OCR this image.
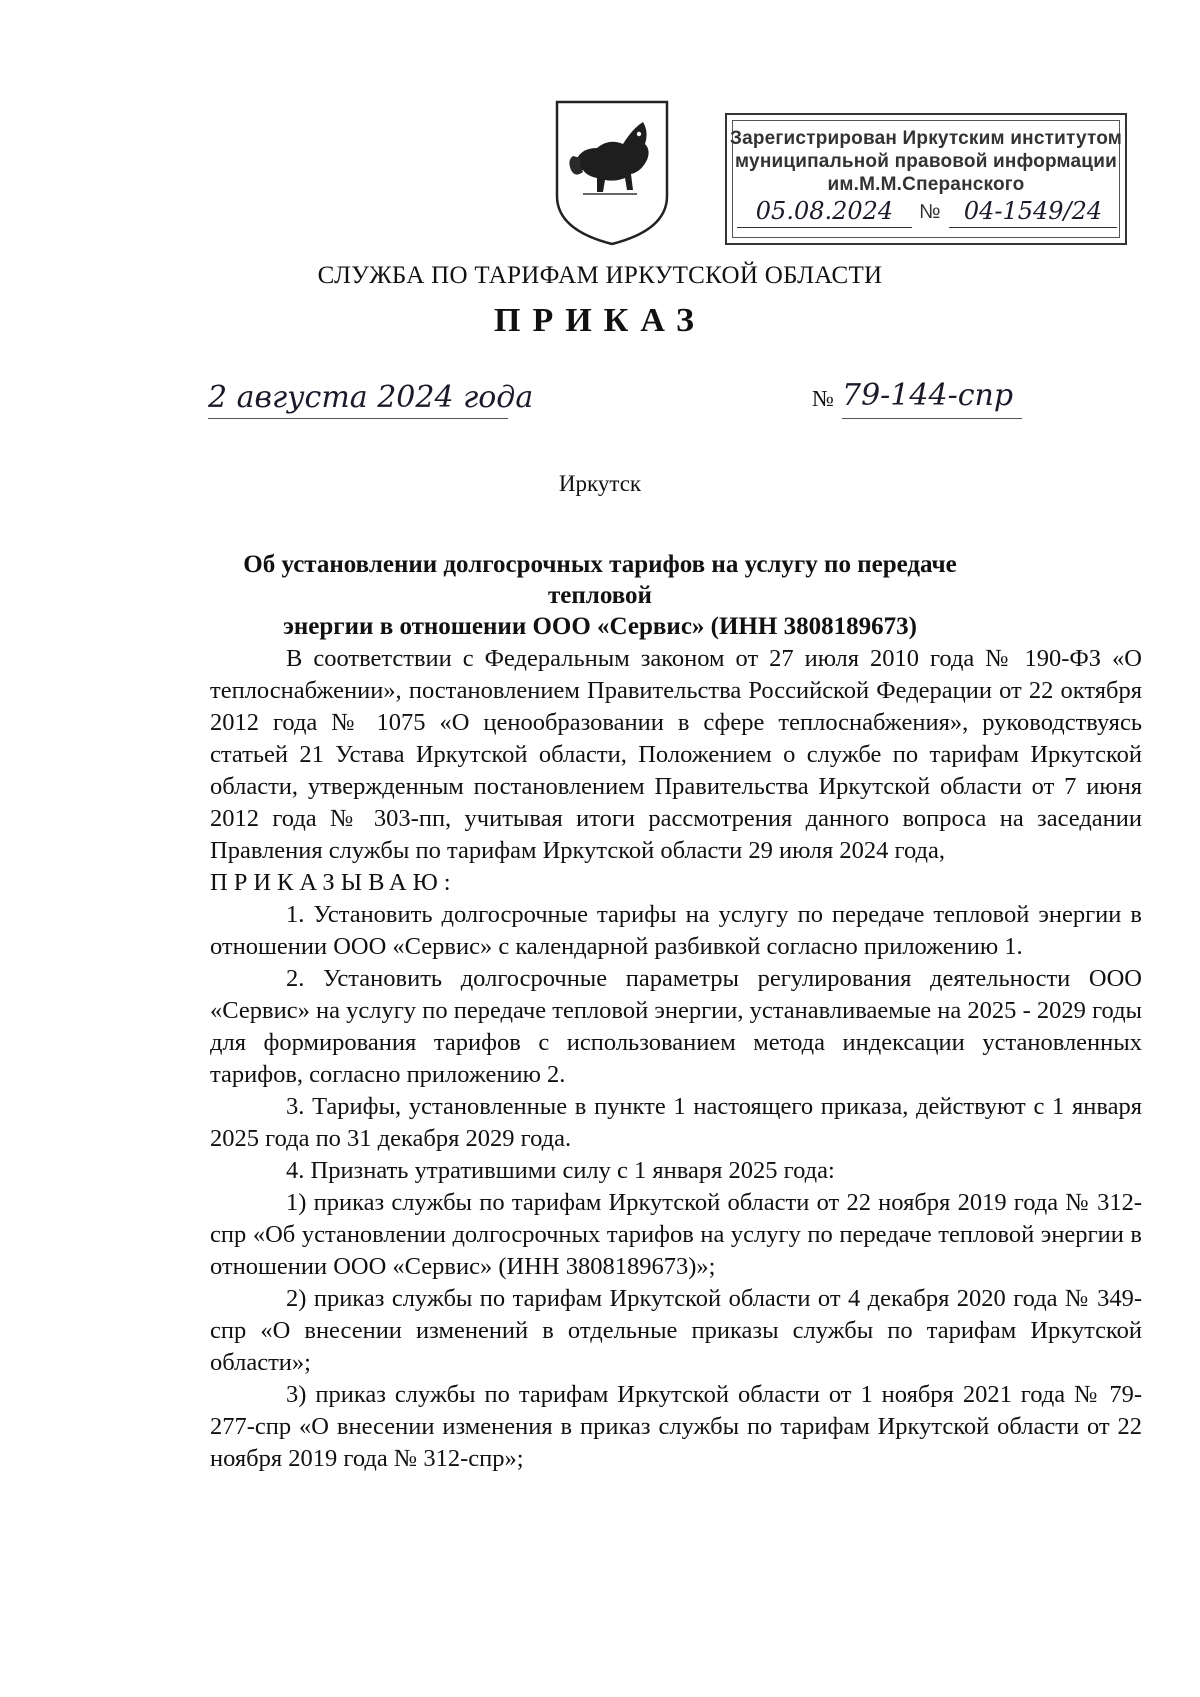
Зарегистрирован Иркутским институтом
муниципальной правовой информации
им.М.М.Сперанского
05.08.2024	№ 04-1549/24
СЛУЖБА ПО ТАРИФАМ ИРКУТСКОЙ ОБЛАСТИ
ПРИКАЗ
2 августа 2024 года	№ 79-144-спр
Иркутск
Об установлении долгосрочных тарифов на услугу по передаче тепловой
энергии в отношении ООО «Сервис» (ИНН 3808189673)

В соответствии с Федеральным законом от 27 июля 2010 года № 190-ФЗ «О теплоснабжении», постановлением Правительства Российской Федерации от 22 октября 2012 года № 1075 «О ценообразовании в сфере теплоснабжения», руководствуясь статьей 21 Устава Иркутской области, Положением о службе по тарифам Иркутской области, утвержденным постановлением Правительства Иркутской области от 7 июня 2012 года № 303-пп, учитывая итоги рассмотрения данного вопроса на заседании Правления службы по тарифам Иркутской области 29 июля 2024 года,

ПРИКАЗЫВАЮ:

1. Установить долгосрочные тарифы на услугу по передаче тепловой энергии в отношении ООО «Сервис» с календарной разбивкой согласно приложению 1.

2. Установить долгосрочные параметры регулирования деятельности ООО «Сервис» на услугу по передаче тепловой энергии, устанавливаемые на 2025 - 2029 годы для формирования тарифов с использованием метода индексации установленных тарифов, согласно приложению 2.

3. Тарифы, установленные в пункте 1 настоящего приказа, действуют с 1 января 2025 года по 31 декабря 2029 года.

4. Признать утратившими силу с 1 января 2025 года:

1) приказ службы по тарифам Иркутской области от 22 ноября 2019 года № 312-спр «Об установлении долгосрочных тарифов на услугу по передаче тепловой энергии в отношении ООО «Сервис» (ИНН 3808189673)»;

2) приказ службы по тарифам Иркутской области от 4 декабря 2020 года № 349-спр «О внесении изменений в отдельные приказы службы по тарифам Иркутской области»;

3) приказ службы по тарифам Иркутской области от 1 ноября 2021 года № 79-277-спр «О внесении изменения в приказ службы по тарифам Иркутской области от 22 ноября 2019 года № 312-спр»;
